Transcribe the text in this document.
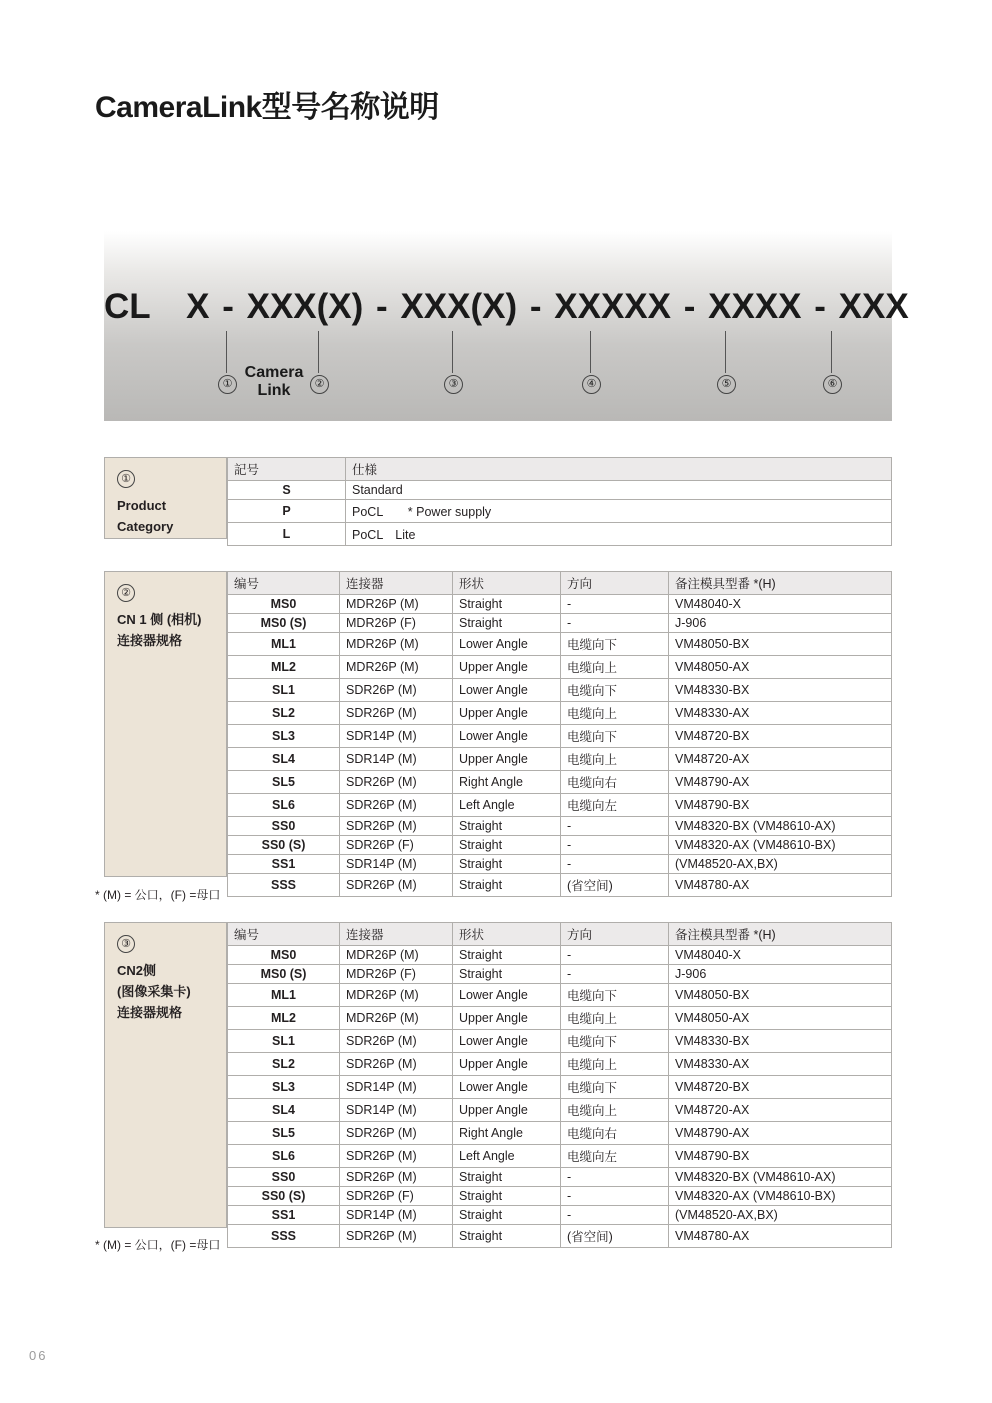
CameraLink型号名称说明
CL X - XXX(X) - XXX(X) - XXXXX - XXXX - XXX
Camera
Link
①	②	③	④	⑤	⑥
①
Product
Category

記号	仕様
S	Standard
P	PoCL　　* Power supply
L	PoCL　Lite
②
CN 1 侧 (相机)
连接器规格

编号	连接器	形状	方向	备注模具型番 *(H)
MS0	MDR26P (M)	Straight	-	VM48040-X
MS0 (S)	MDR26P (F)	Straight	-	J-906
ML1	MDR26P (M)	Lower Angle	电缆向下	VM48050-BX
ML2	MDR26P (M)	Upper Angle	电缆向上	VM48050-AX
SL1	SDR26P (M)	Lower Angle	电缆向下	VM48330-BX
SL2	SDR26P (M)	Upper Angle	电缆向上	VM48330-AX
SL3	SDR14P (M)	Lower Angle	电缆向下	VM48720-BX
SL4	SDR14P (M)	Upper Angle	电缆向上	VM48720-AX
SL5	SDR26P (M)	Right Angle	电缆向右	VM48790-AX
SL6	SDR26P (M)	Left Angle	电缆向左	VM48790-BX
SS0	SDR26P (M)	Straight	-	VM48320-BX (VM48610-AX)
SS0 (S)	SDR26P (F)	Straight	-	VM48320-AX (VM48610-BX)
SS1	SDR14P (M)	Straight	-	(VM48520-AX,BX)
SSS	SDR26P (M)	Straight	(省空间)	VM48780-AX
* (M) = 公口，(F) =母口
③
CN2侧
(图像采集卡)
连接器规格

编号	连接器	形状	方向	备注模具型番 *(H)
MS0	MDR26P (M)	Straight	-	VM48040-X
MS0 (S)	MDR26P (F)	Straight	-	J-906
ML1	MDR26P (M)	Lower Angle	电缆向下	VM48050-BX
ML2	MDR26P (M)	Upper Angle	电缆向上	VM48050-AX
SL1	SDR26P (M)	Lower Angle	电缆向下	VM48330-BX
SL2	SDR26P (M)	Upper Angle	电缆向上	VM48330-AX
SL3	SDR14P (M)	Lower Angle	电缆向下	VM48720-BX
SL4	SDR14P (M)	Upper Angle	电缆向上	VM48720-AX
SL5	SDR26P (M)	Right Angle	电缆向右	VM48790-AX
SL6	SDR26P (M)	Left Angle	电缆向左	VM48790-BX
SS0	SDR26P (M)	Straight	-	VM48320-BX (VM48610-AX)
SS0 (S)	SDR26P (F)	Straight	-	VM48320-AX (VM48610-BX)
SS1	SDR14P (M)	Straight	-	(VM48520-AX,BX)
SSS	SDR26P (M)	Straight	(省空间)	VM48780-AX
* (M) = 公口，(F) =母口
06
